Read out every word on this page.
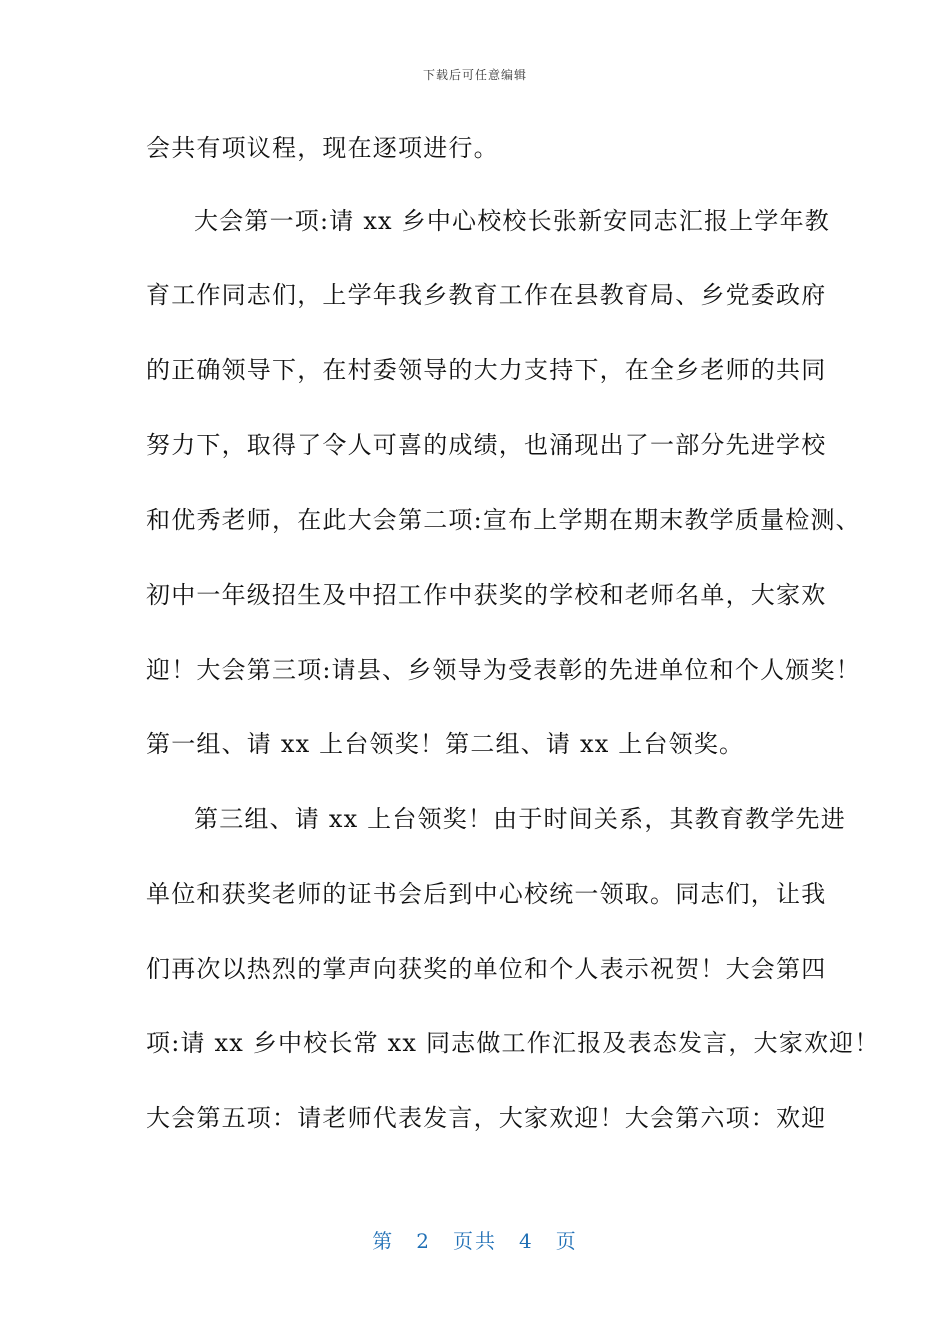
下载后可任意编辑
会共有项议程，现在逐项进行。
大会第一项:请 xx 乡中心校校长张新安同志汇报上学年教
育工作同志们，上学年我乡教育工作在县教育局、乡党委政府
的正确领导下，在村委领导的大力支持下，在全乡老师的共同
努力下，取得了令人可喜的成绩，也涌现出了一部分先进学校
和优秀老师，在此大会第二项:宣布上学期在期末教学质量检测、
初中一年级招生及中招工作中获奖的学校和老师名单，大家欢
迎！大会第三项:请县、乡领导为受表彰的先进单位和个人颁奖！
第一组、请 xx 上台领奖！第二组、请 xx 上台领奖。
第三组、请 xx 上台领奖！由于时间关系，其教育教学先进
单位和获奖老师的证书会后到中心校统一领取。同志们，让我
们再次以热烈的掌声向获奖的单位和个人表示祝贺！大会第四
项:请 xx 乡中校长常 xx 同志做工作汇报及表态发言，大家欢迎！
大会第五项：请老师代表发言，大家欢迎！大会第六项：欢迎
第 2 页共 4 页
